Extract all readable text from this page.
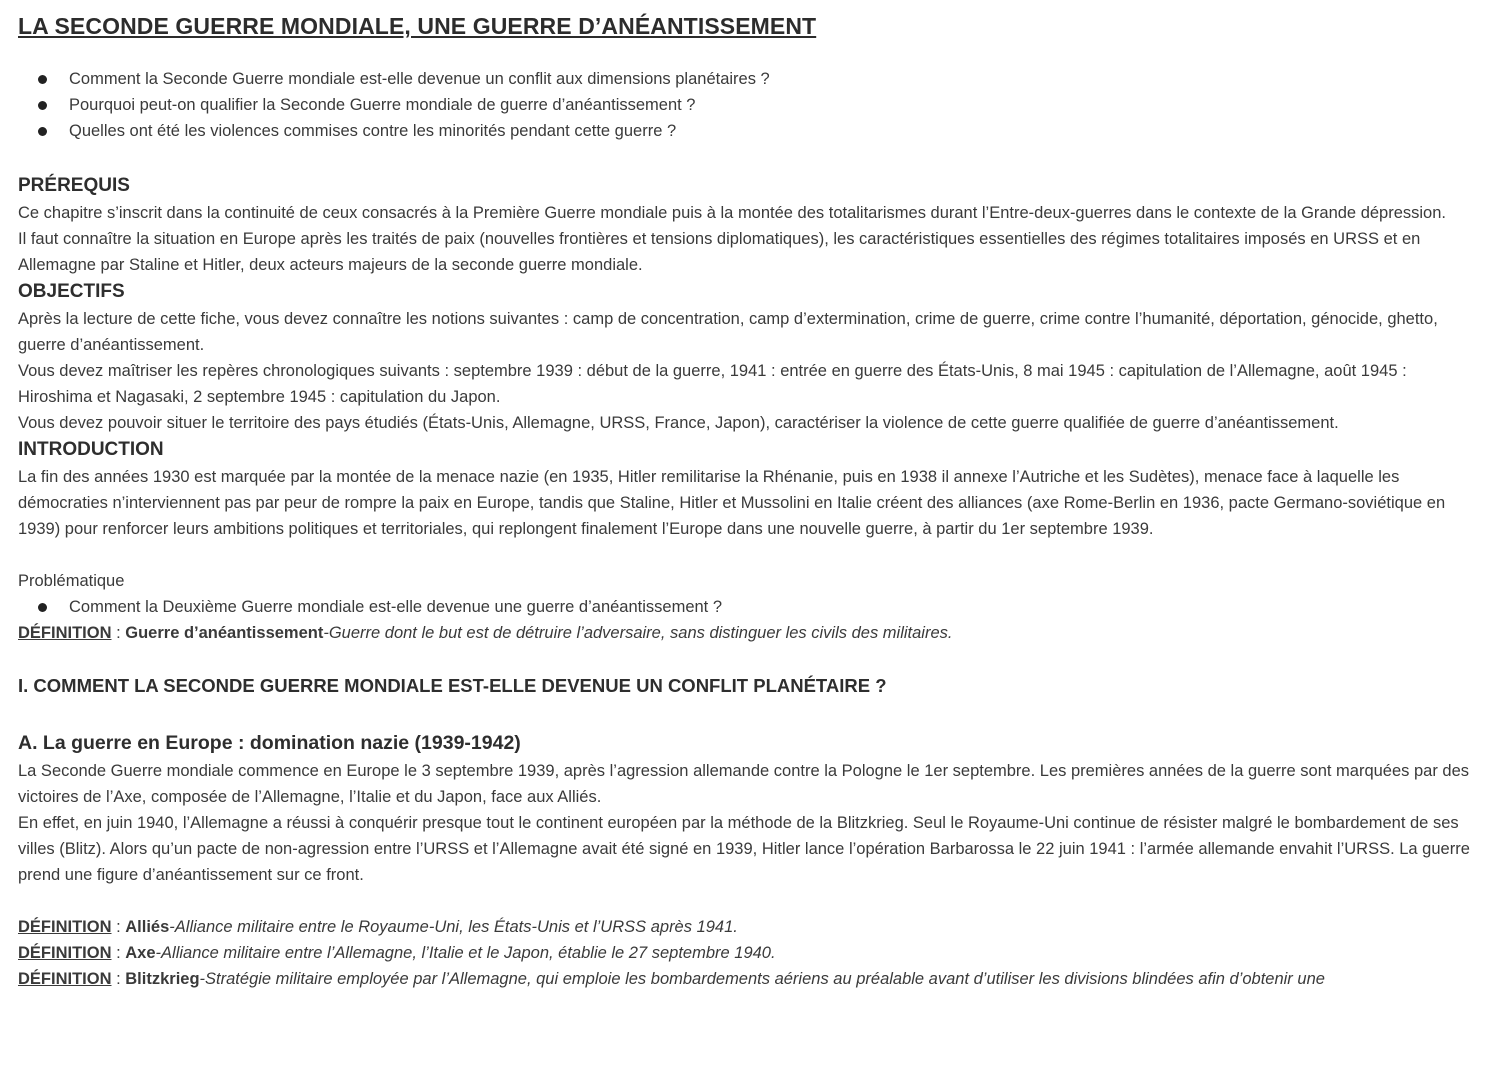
LA SECONDE GUERRE MONDIALE, UNE GUERRE D’ANÉANTISSEMENT
Comment la Seconde Guerre mondiale est-elle devenue un conflit aux dimensions planétaires ?
Pourquoi peut-on qualifier la Seconde Guerre mondiale de guerre d’anéantissement ?
Quelles ont été les violences commises contre les minorités pendant cette guerre ?
PRÉREQUIS

Ce chapitre s’inscrit dans la continuité de ceux consacrés à la Première Guerre mondiale puis à la montée des totalitarismes durant l’Entre-deux-guerres dans le contexte de la Grande dépression.

Il faut connaître la situation en Europe après les traités de paix (nouvelles frontières et tensions diplomatiques), les caractéristiques essentielles des régimes totalitaires imposés en URSS et en Allemagne par Staline et Hitler, deux acteurs majeurs de la seconde guerre mondiale.

OBJECTIFS

Après la lecture de cette fiche, vous devez connaître les notions suivantes : camp de concentration, camp d’extermination, crime de guerre, crime contre l’humanité, déportation, génocide, ghetto, guerre d’anéantissement.

Vous devez maîtriser les repères chronologiques suivants : septembre 1939 : début de la guerre, 1941 : entrée en guerre des États-Unis, 8 mai 1945 : capitulation de l’Allemagne, août 1945 : Hiroshima et Nagasaki, 2 septembre 1945 : capitulation du Japon.

Vous devez pouvoir situer le territoire des pays étudiés (États-Unis, Allemagne, URSS, France, Japon), caractériser la violence de cette guerre qualifiée de guerre d’anéantissement.

INTRODUCTION

La fin des années 1930 est marquée par la montée de la menace nazie (en 1935, Hitler remilitarise la Rhénanie, puis en 1938 il annexe l’Autriche et les Sudètes), menace face à laquelle les démocraties n’interviennent pas par peur de rompre la paix en Europe, tandis que Staline, Hitler et Mussolini en Italie créent des alliances (axe Rome-Berlin en 1936, pacte Germano-soviétique en 1939) pour renforcer leurs ambitions politiques et territoriales, qui replongent finalement l’Europe dans une nouvelle guerre, à partir du 1er septembre 1939.

Problématique

Comment la Deuxième Guerre mondiale est-elle devenue une guerre d’anéantissement ?

DÉFINITION : Guerre d’anéantissement-Guerre dont le but est de détruire l’adversaire, sans distinguer les civils des militaires.

I. COMMENT LA SECONDE GUERRE MONDIALE EST-ELLE DEVENUE UN CONFLIT PLANÉTAIRE ?
A. La guerre en Europe : domination nazie (1939-1942)

La Seconde Guerre mondiale commence en Europe le 3 septembre 1939, après l’agression allemande contre la Pologne le 1er septembre. Les premières années de la guerre sont marquées par des victoires de l’Axe, composée de l’Allemagne, l’Italie et du Japon, face aux Alliés.

En effet, en juin 1940, l’Allemagne a réussi à conquérir presque tout le continent européen par la méthode de la Blitzkrieg. Seul le Royaume-Uni continue de résister malgré le bombardement de ses villes (Blitz). Alors qu’un pacte de non-agression entre l’URSS et l’Allemagne avait été signé en 1939, Hitler lance l’opération Barbarossa le 22 juin 1941 : l’armée allemande envahit l’URSS. La guerre prend une figure d’anéantissement sur ce front.

DÉFINITION : Alliés-Alliance militaire entre le Royaume-Uni, les États-Unis et l’URSS après 1941.

DÉFINITION : Axe-Alliance militaire entre l’Allemagne, l’Italie et le Japon, établie le 27 septembre 1940.

DÉFINITION : Blitzkrieg-Stratégie militaire employée par l’Allemagne, qui emploie les bombardements aériens au préalable avant d’utiliser les divisions blindées afin d’obtenir une
